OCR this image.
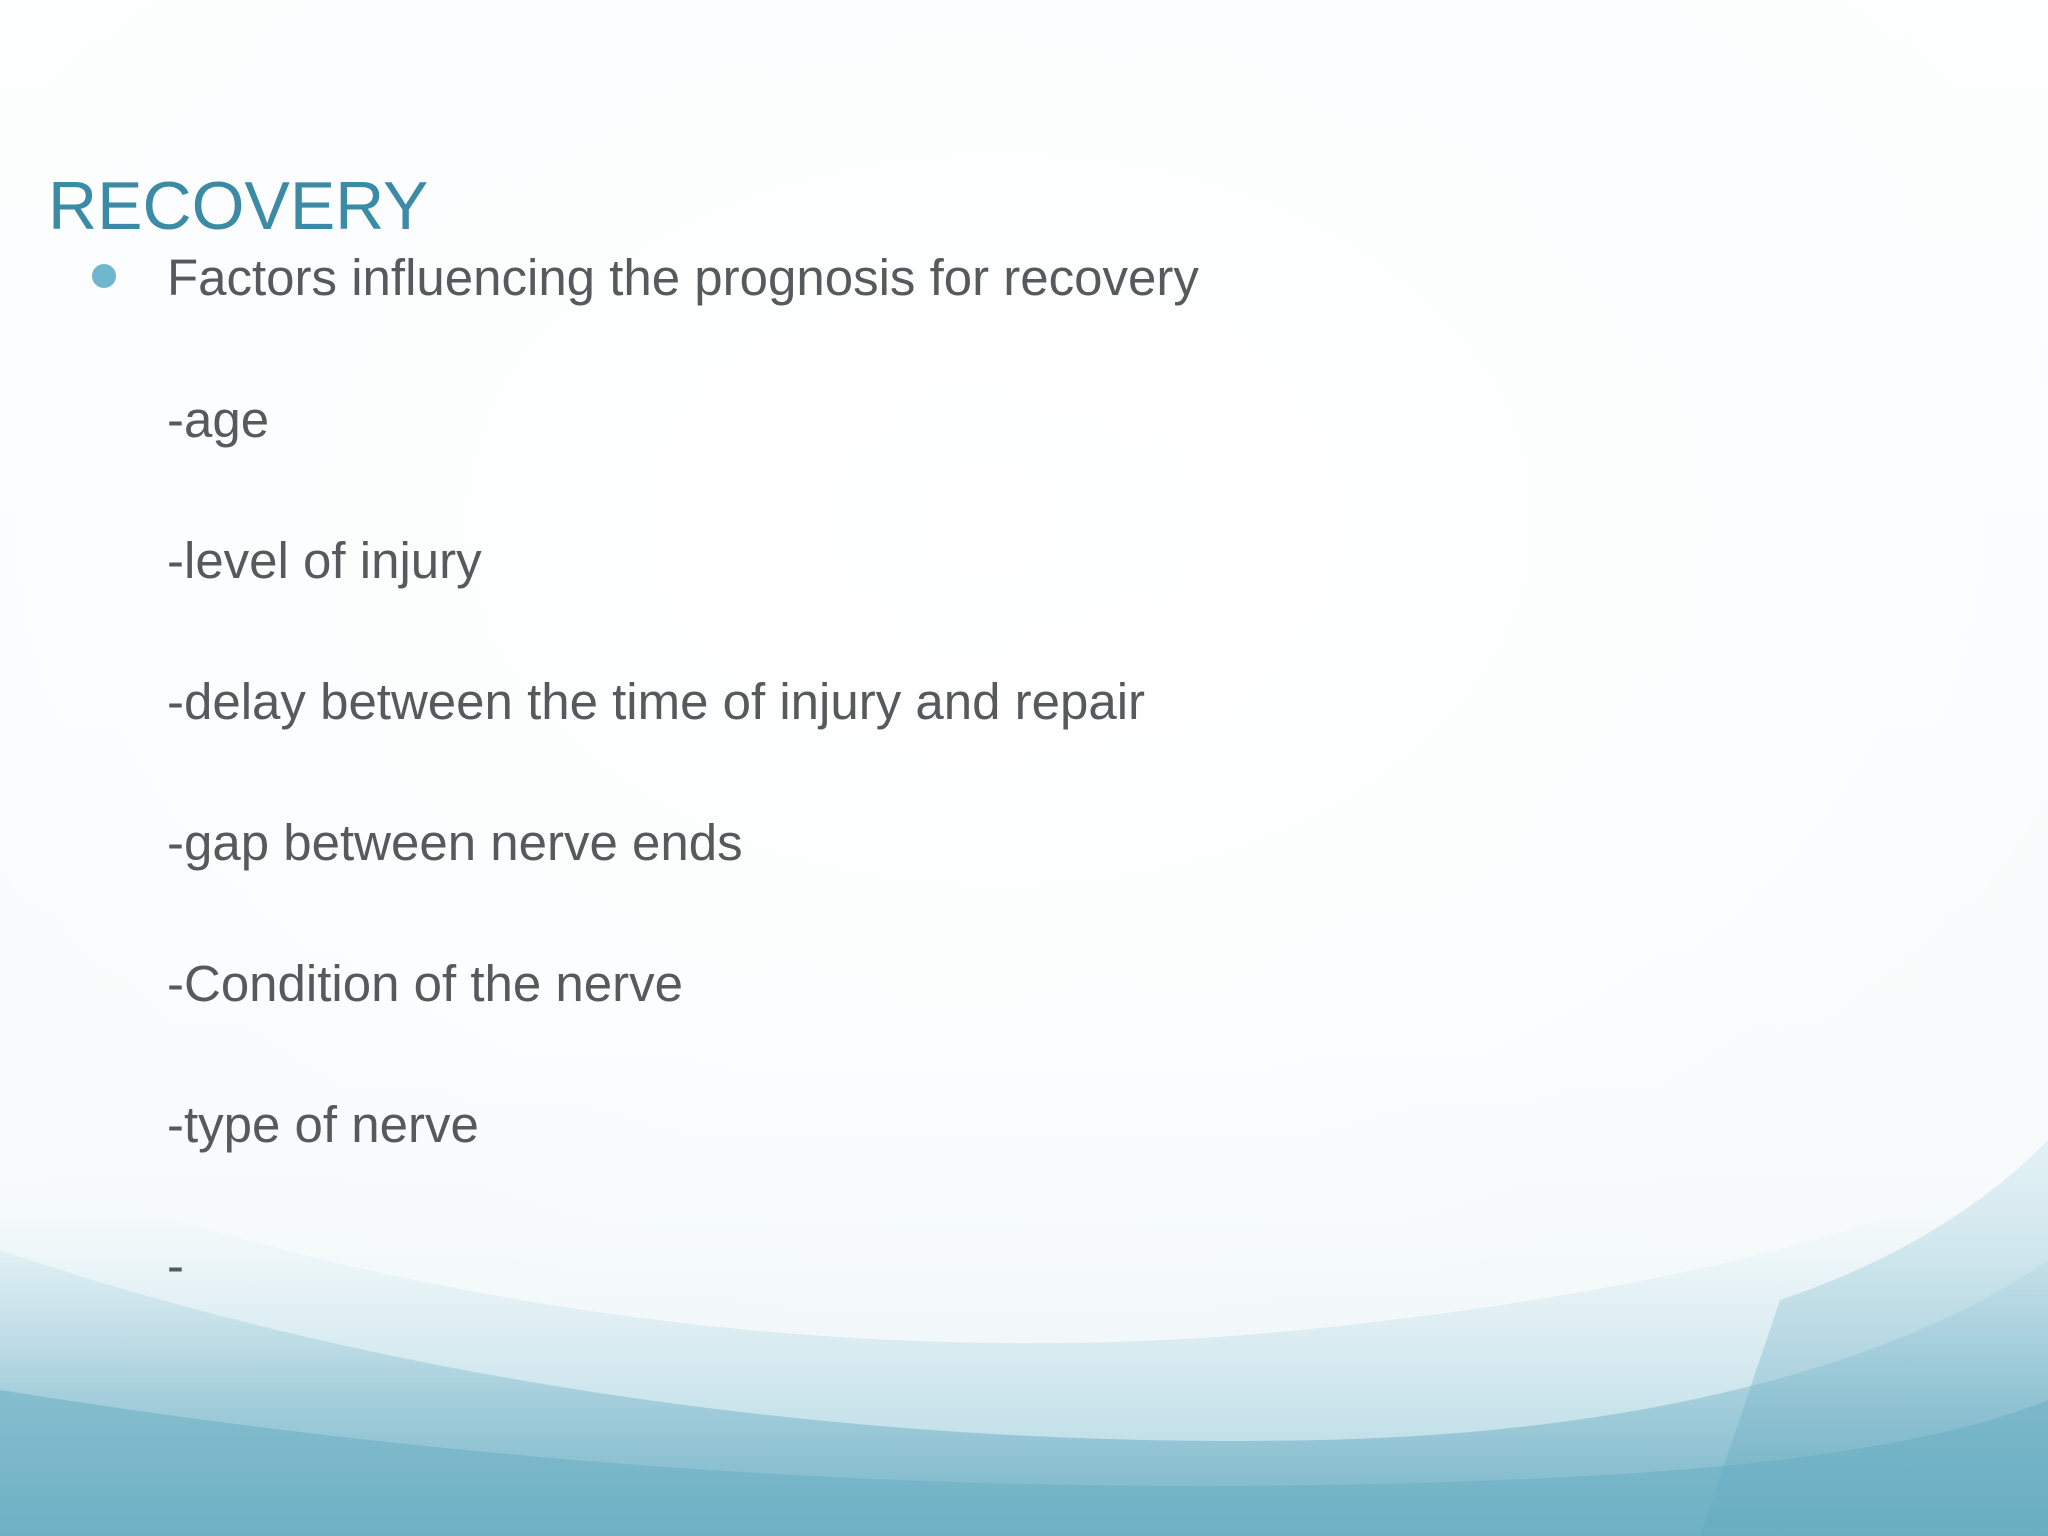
RECOVERY
Factors influencing the prognosis for recovery
-age
-level of injury
-delay between the time of injury and repair
-gap between nerve ends
-Condition of the nerve
-type of nerve
-
